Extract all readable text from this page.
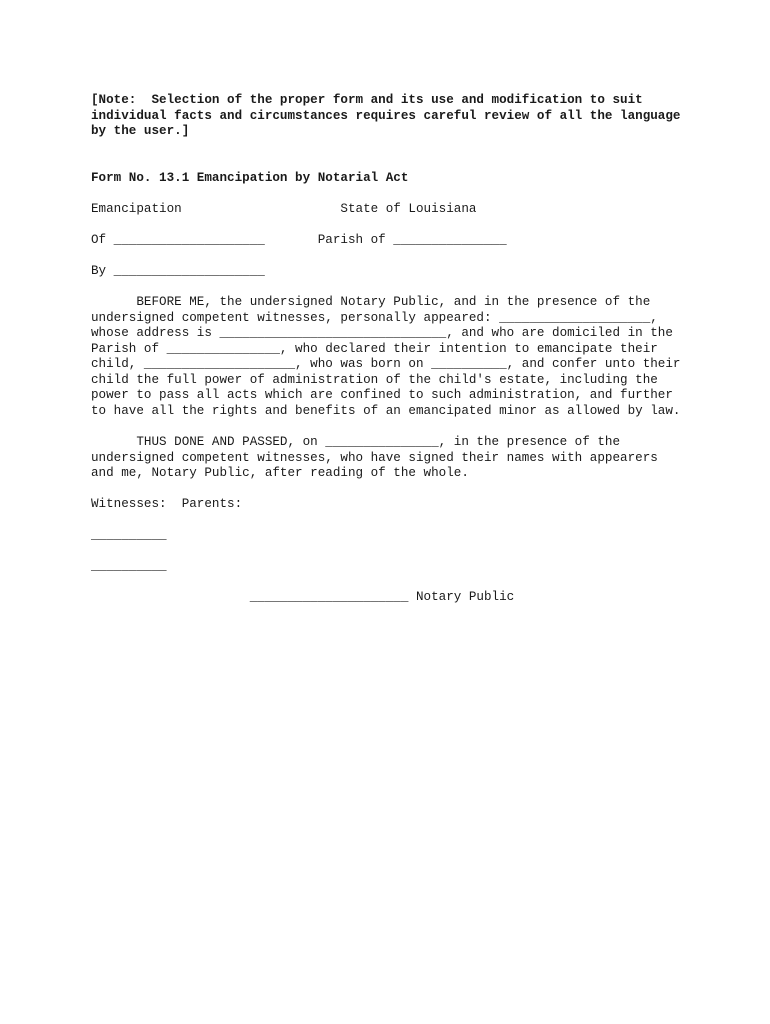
[Note:  Selection of the proper form and its use and modification to suit
individual facts and circumstances requires careful review of all the language
by the user.]
Form No. 13.1 Emancipation by Notarial Act
Emancipation                     State of Louisiana
Of ____________________       Parish of _______________
By ____________________
BEFORE ME, the undersigned Notary Public, and in the presence of the
undersigned competent witnesses, personally appeared: ____________________,
whose address is ______________________________, and who are domiciled in the
Parish of _______________, who declared their intention to emancipate their
child, ____________________, who was born on __________, and confer unto their
child the full power of administration of the child's estate, including the
power to pass all acts which are confined to such administration, and further
to have all the rights and benefits of an emancipated minor as allowed by law.
THUS DONE AND PASSED, on _______________, in the presence of the
undersigned competent witnesses, who have signed their names with appearers
and me, Notary Public, after reading of the whole.
Witnesses:  Parents:
__________
__________
_____________________ Notary Public
